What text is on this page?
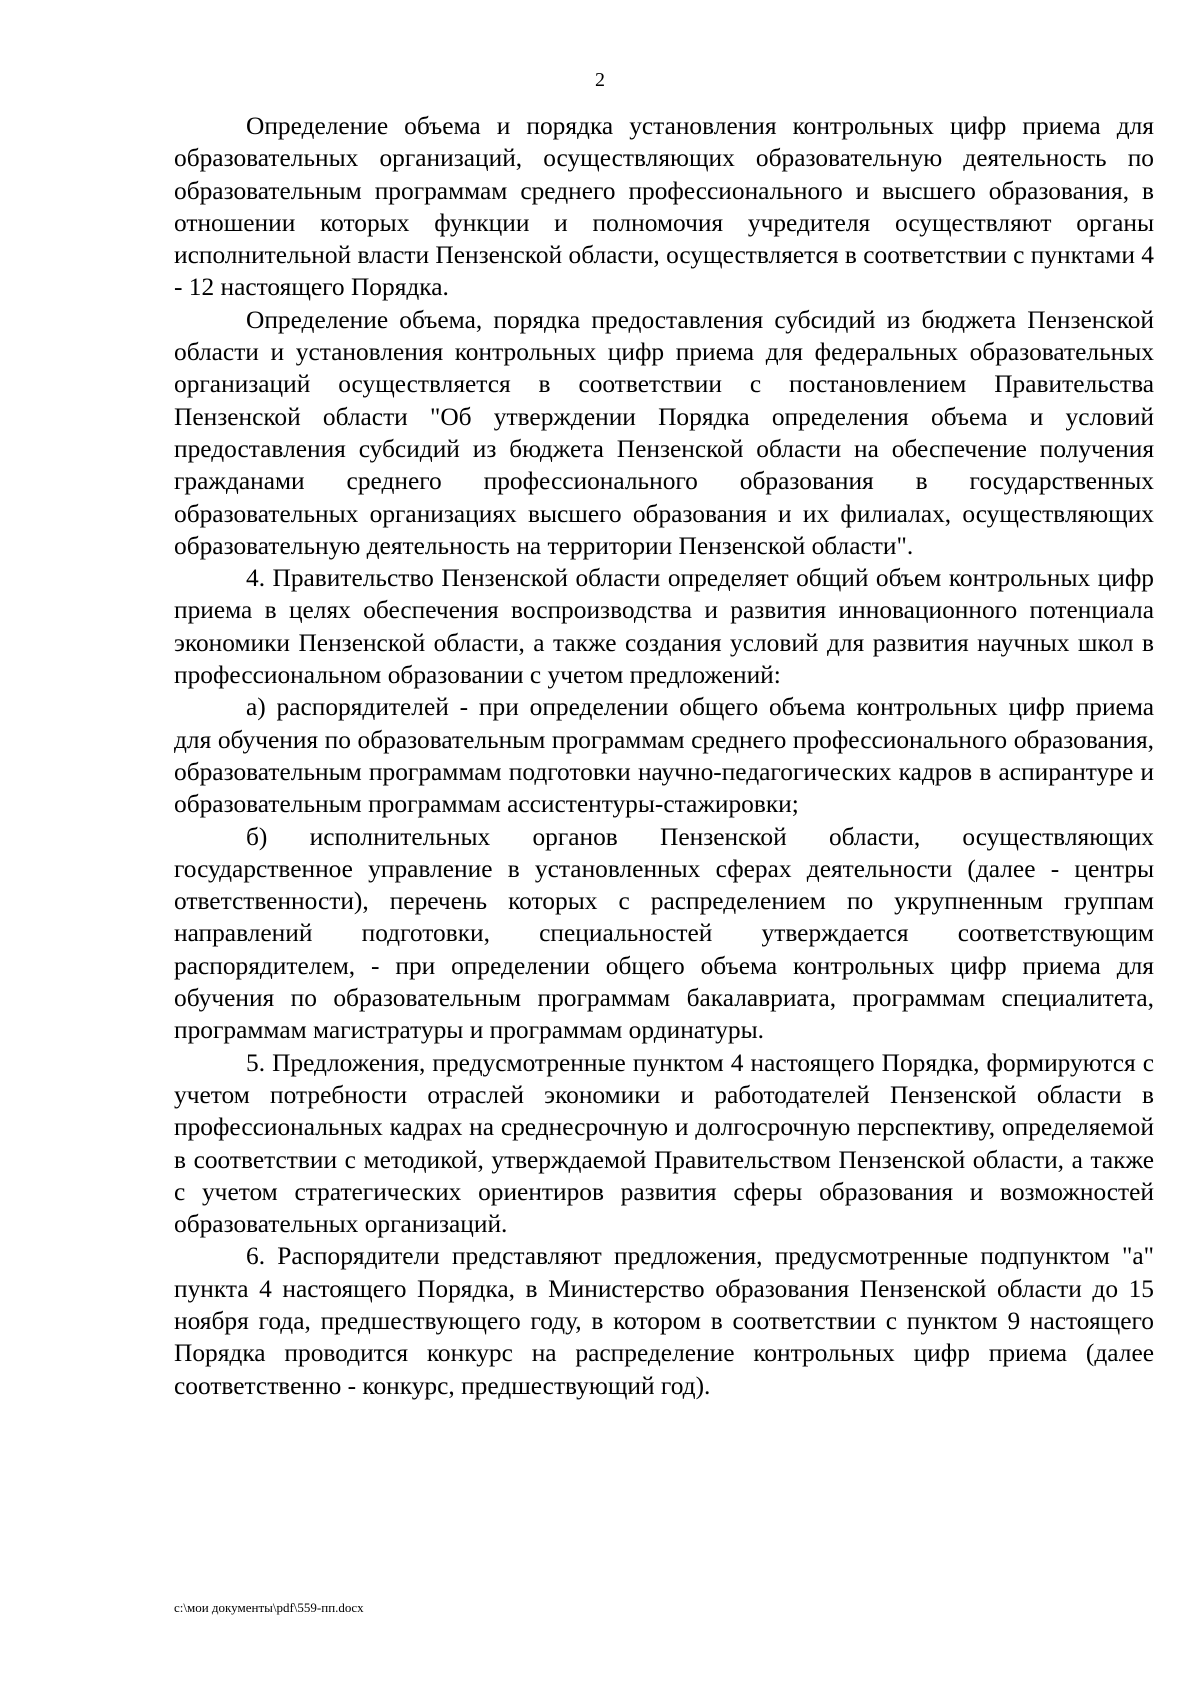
2

Определение объема и порядка установления контрольных цифр приема для образовательных организаций, осуществляющих образовательную деятельность по образовательным программам среднего профессионального и высшего образования, в отношении которых функции и полномочия учредителя осуществляют органы исполнительной власти Пензенской области, осуществляется в соответствии с пунктами 4 - 12 настоящего Порядка.

Определение объема, порядка предоставления субсидий из бюджета Пензенской области и установления контрольных цифр приема для федеральных образовательных организаций осуществляется в соответствии с постановлением Правительства Пензенской области "Об утверждении Порядка определения объема и условий предоставления субсидий из бюджета Пензенской области на обеспечение получения гражданами среднего профессионального образования в государственных образовательных организациях высшего образования и их филиалах, осуществляющих образовательную деятельность на территории Пензенской области".

4. Правительство Пензенской области определяет общий объем контрольных цифр приема в целях обеспечения воспроизводства и развития инновационного потенциала экономики Пензенской области, а также создания условий для развития научных школ в профессиональном образовании с учетом предложений:

а) распорядителей - при определении общего объема контрольных цифр приема для обучения по образовательным программам среднего профессионального образования, образовательным программам подготовки научно-педагогических кадров в аспирантуре и образовательным программам ассистентуры-стажировки;

б) исполнительных органов Пензенской области, осуществляющих государственное управление в установленных сферах деятельности (далее - центры ответственности), перечень которых с распределением по укрупненным группам направлений подготовки, специальностей утверждается соответствующим распорядителем, - при определении общего объема контрольных цифр приема для обучения по образовательным программам бакалавриата, программам специалитета, программам магистратуры и программам ординатуры.

5. Предложения, предусмотренные пунктом 4 настоящего Порядка, формируются с учетом потребности отраслей экономики и работодателей Пензенской области в профессиональных кадрах на среднесрочную и долгосрочную перспективу, определяемой в соответствии с методикой, утверждаемой Правительством Пензенской области, а также с учетом стратегических ориентиров развития сферы образования и возможностей образовательных организаций.

6. Распорядители представляют предложения, предусмотренные подпунктом "а" пункта 4 настоящего Порядка, в Министерство образования Пензенской области до 15 ноября года, предшествующего году, в котором в соответствии с пунктом 9 настоящего Порядка проводится конкурс на распределение контрольных цифр приема (далее соответственно - конкурс, предшествующий год).

c:\мои документы\pdf\559-пп.docx
